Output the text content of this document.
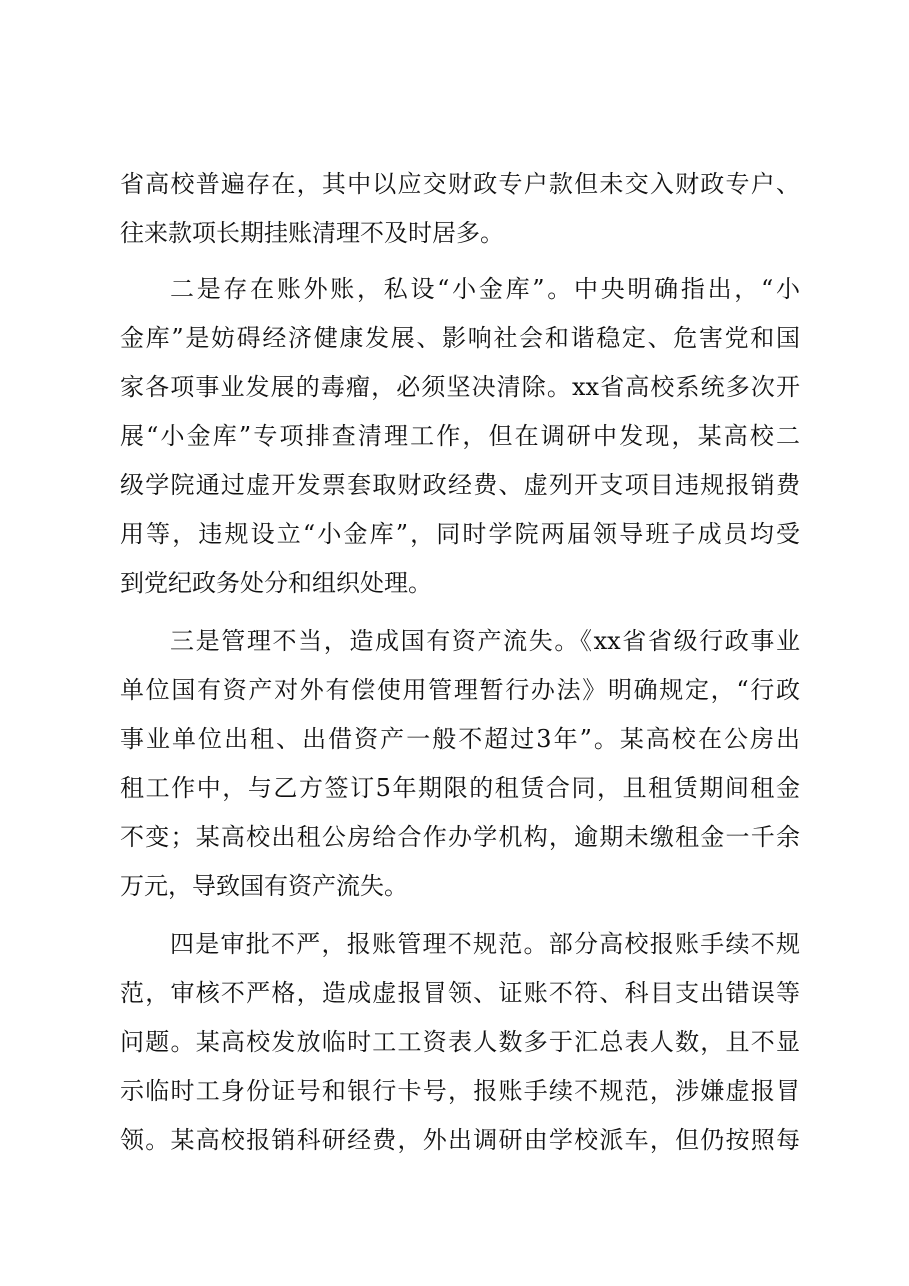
省高校普遍存在，其中以应交财政专户款但未交入财政专户、
往来款项长期挂账清理不及时居多。
二是存在账外账，私设“小金库”。中央明确指出，“小
金库”是妨碍经济健康发展、影响社会和谐稳定、危害党和国
家各项事业发展的毒瘤，必须坚决清除。xx省高校系统多次开
展“小金库”专项排查清理工作，但在调研中发现，某高校二
级学院通过虚开发票套取财政经费、虚列开支项目违规报销费
用等，违规设立“小金库”，同时学院两届领导班子成员均受
到党纪政务处分和组织处理。
三是管理不当，造成国有资产流失。《xx省省级行政事业
单位国有资产对外有偿使用管理暂行办法》明确规定，“行政
事业单位出租、出借资产一般不超过3年”。某高校在公房出
租工作中，与乙方签订5年期限的租赁合同，且租赁期间租金
不变；某高校出租公房给合作办学机构，逾期未缴租金一千余
万元，导致国有资产流失。
四是审批不严，报账管理不规范。部分高校报账手续不规
范，审核不严格，造成虚报冒领、证账不符、科目支出错误等
问题。某高校发放临时工工资表人数多于汇总表人数，且不显
示临时工身份证号和银行卡号，报账手续不规范，涉嫌虚报冒
领。某高校报销科研经费，外出调研由学校派车，但仍按照每
